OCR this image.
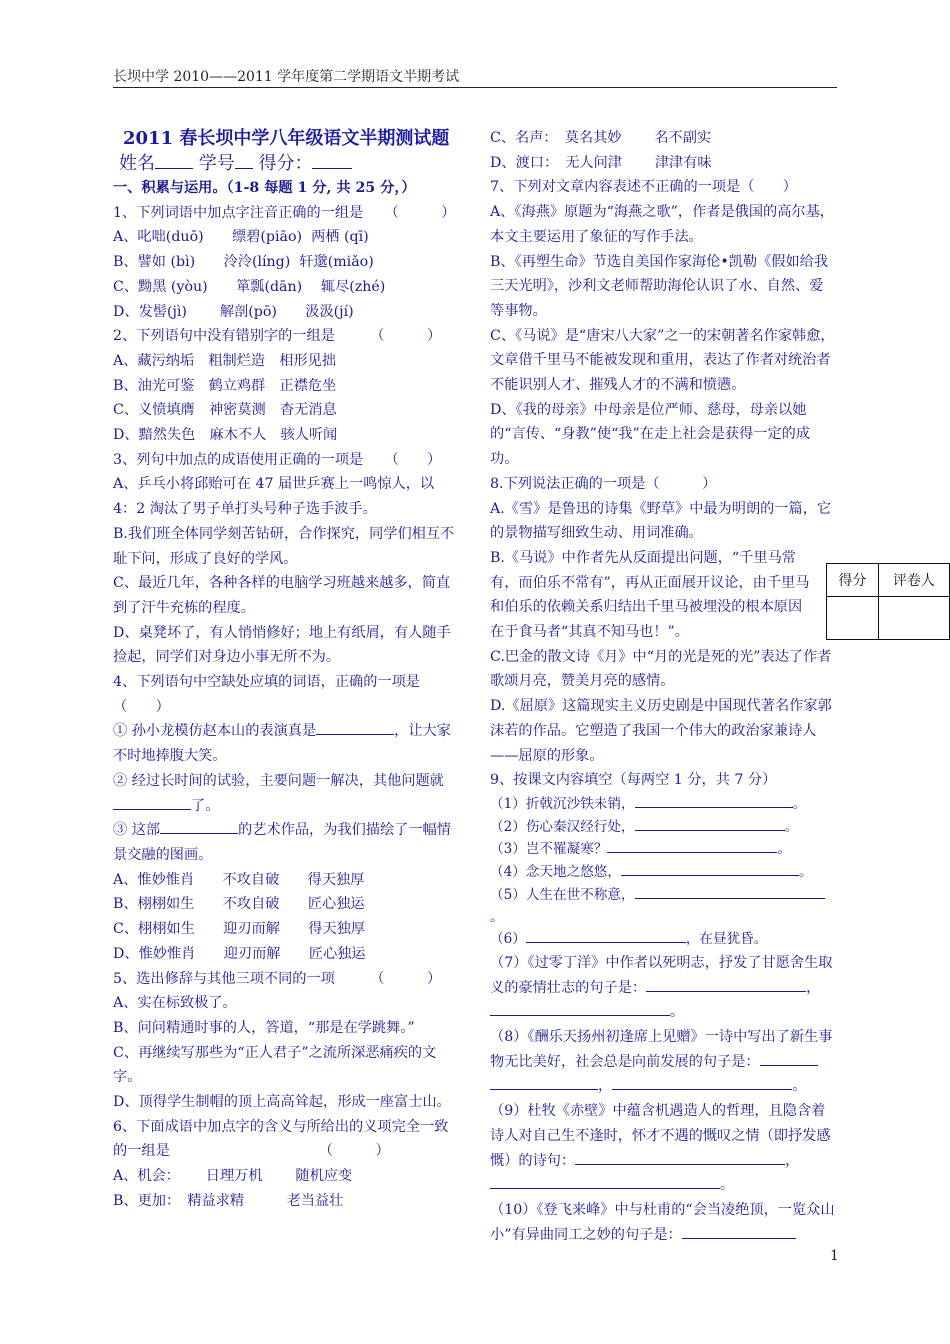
长坝中学 2010——2011 学年度第二学期语文半期考试
2011 春长坝中学八年级语文半期测试题
姓名 学号 得分：
一、积累与运用。（1-8 每题 1 分, 共 25 分，）
1、下列词语中加点字注音正确的一组是　　（　　　）
A、叱咄(duō)　　缥碧(piāo)  两栖 (qī)
B、譬如 (bì)　　泠泠(líng)  轩邈(miǎo)
C、黝黑 (yòu)　　箪瓢(dān)　 辄尽(zhé)
D、发髻(jì)　　 解剖(pō)　　汲汲(jí)
2、下列语句中没有错别字的一组是　　　（　　　）
A、藏污纳垢　粗制烂造　相形见拙
B、油光可鉴　鹤立鸡群　正襟危坐
C、义愤填膺　神密莫测　杳无消息
D、黯然失色　麻木不人　骇人听闻
3、列句中加点的成语使用正确的一项是　　（　　）
A、乒乓小将邱贻可在 47 届世乒赛上一鸣惊人，以 4：2 淘汰了男子单打头号种子选手波手。
B.我们班全体同学刻苦钻研，合作探究，同学们相互不耻下问，形成了良好的学风。
C、最近几年，各种各样的电脑学习班越来越多，简直到了汗牛充栋的程度。
D、桌凳坏了，有人悄悄修好；地上有纸屑，有人随手捡起，同学们对身边小事无所不为。
4、下列语句中空缺处应填的词语，正确的一项是（　　）
① 孙小龙模仿赵本山的表演真是	，让大家不时地捧腹大笑。
② 经过长时间的试验，主要问题一解决，其他问题就了。
③ 这部	的艺术作品，为我们描绘了一幅情景交融的图画。
A、惟妙惟肖　　不攻自破　　得天独厚
B、栩栩如生　　不攻自破　　匠心独运
C、栩栩如生　　迎刃而解　　得天独厚
D、惟妙惟肖　　迎刃而解　　匠心独运
5、选出修辞与其他三项不同的一项　　　（　　　）
A、实在标致极了。
B、问问精通时事的人，答道，“那是在学跳舞。”
C、再继续写那些为“正人君子”之流所深恶痛疾的文字。
D、顶得学生制帽的顶上高高耸起，形成一座富士山。
6、下面成语中加点字的含义与所给出的义项完全一致的一组是　　　　　　　　　　　（　　　）
A、机会：　　 日理万机　　 随机应变
B、更加：　精益求精　　　老当益壮
C、名声：　莫名其妙　　 名不副实
D、渡口：　无人问津　　 津津有味
7、下列对文章内容表述不正确的一项是（　　）
A、《海燕》原题为“海燕之歌”，作者是俄国的高尔基，本文主要运用了象征的写作手法。
B、《再塑生命》节选自美国作家海伦•凯勒《假如给我三天光明》，沙利文老师帮助海伦认识了水、自然、爱等事物。
C、《马说》是“唐宋八大家”之一的宋朝著名作家韩愈，文章借千里马不能被发现和重用，表达了作者对统治者不能识别人才、摧残人才的不满和愤懑。
D、《我的母亲》中母亲是位严师、慈母，母亲以她的“言传、“身教”使“我”在走上社会是获得一定的成功。
8.下列说法正确的一项是（　　　）
A.《雪》是鲁迅的诗集《野草》中最为明朗的一篇，它的景物描写细致生动、用词准确。
B.《马说》中作者先从反面提出问题，“千里马常有，而伯乐不常有”，再从正面展开议论，由千里马和伯乐的依赖关系归结出千里马被埋没的根本原因在于食马者“其真不知马也！”。
C.巴金的散文诗《月》中“月的光是死的光”表达了作者歌颂月亮，赞美月亮的感情。
D.《屈原》这篇现实主义历史剧是中国现代著名作家郭沫若的作品。它塑造了我国一个伟大的政治家兼诗人——屈原的形象。
9、按课文内容填空（每两空 1 分，共 7 分）
（1）折戟沉沙铁未销，	。
（2）伤心秦汉经行处，	。
（3）岂不罹凝寒？	。
（4）念天地之悠悠，	。
（5）人生在世不称意，。
（6）	，在昼犹昏。
（7）《过零丁洋》中作者以死明志，抒发了甘愿舍生取义的豪情壮志的句子是：	，。
（8）《酬乐天扬州初逢席上见赠》一诗中写出了新生事物无比美好，社会总是向前发展的句子是：，	。
（9）杜牧《赤壁》中蕴含机遇造人的哲理，且隐含着诗人对自己生不逢时，怀才不遇的慨叹之情（即抒发感慨）的诗句：	，。
（10）《登飞来峰》中与杜甫的“会当凌绝顶，一览众山小”有异曲同工之妙的句子是：
得分	评卷人

1
